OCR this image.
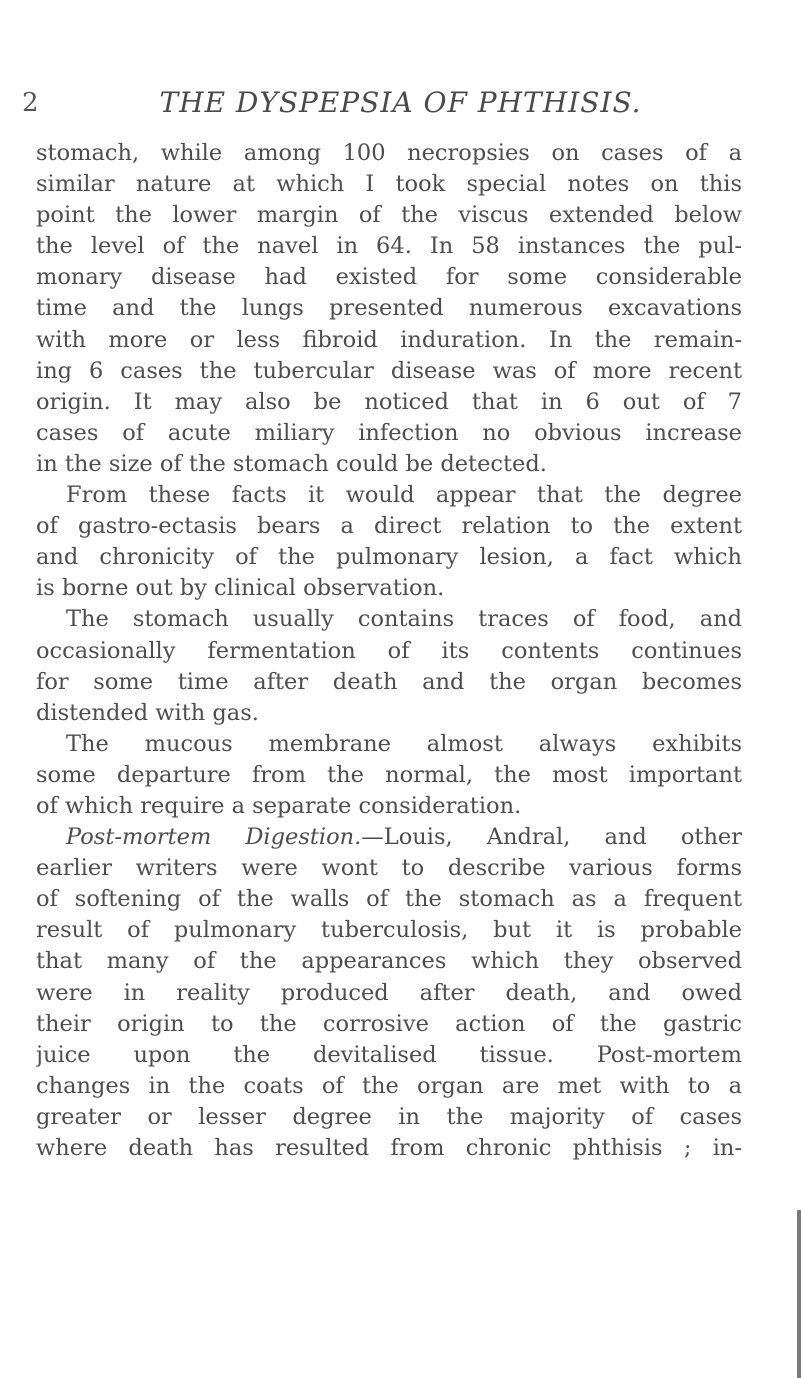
2	THE DYSPEPSIA OF PHTHISIS.
stomach, while among 100 necropsies on cases of a
similar nature at which I took special notes on this
point the lower margin of the viscus extended below
the level of the navel in 64. In 58 instances the pul-
monary disease had existed for some considerable
time and the lungs presented numerous excavations
with more or less fibroid induration. In the remain-
ing 6 cases the tubercular disease was of more recent
origin. It may also be noticed that in 6 out of 7
cases of acute miliary infection no obvious increase
in the size of the stomach could be detected.
From these facts it would appear that the degree
of gastro-ectasis bears a direct relation to the extent
and chronicity of the pulmonary lesion, a fact which
is borne out by clinical observation.
The stomach usually contains traces of food, and
occasionally fermentation of its contents continues
for some time after death and the organ becomes
distended with gas.
The mucous membrane almost always exhibits
some departure from the normal, the most important
of which require a separate consideration.
Post-mortem Digestion.—Louis, Andral, and other
earlier writers were wont to describe various forms
of softening of the walls of the stomach as a frequent
result of pulmonary tuberculosis, but it is probable
that many of the appearances which they observed
were in reality produced after death, and owed
their origin to the corrosive action of the gastric
juice upon the devitalised tissue. Post-mortem
changes in the coats of the organ are met with to a
greater or lesser degree in the majority of cases
where death has resulted from chronic phthisis ; in-
